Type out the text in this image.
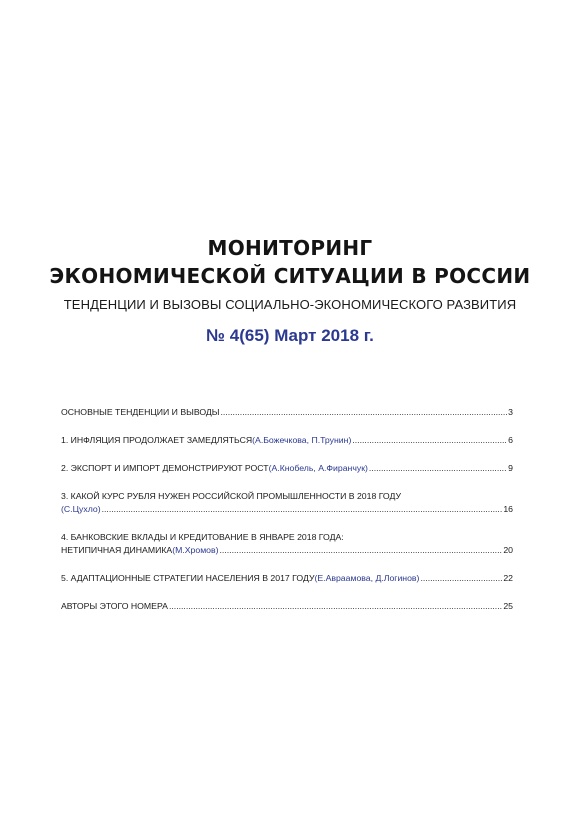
МОНИТОРИНГ
ЭКОНОМИЧЕСКОЙ СИТУАЦИИ В РОССИИ
ТЕНДЕНЦИИ И ВЫЗОВЫ СОЦИАЛЬНО-ЭКОНОМИЧЕСКОГО РАЗВИТИЯ
№ 4(65) Март 2018 г.
ОСНОВНЫЕ ТЕНДЕНЦИИ И ВЫВОДЫ .....	3
1. ИНФЛЯЦИЯ ПРОДОЛЖАЕТ ЗАМЕДЛЯТЬСЯ (А.Божечкова, П.Трунин) .....	6
2. ЭКСПОРТ И ИМПОРТ ДЕМОНСТРИРУЮТ РОСТ (А.Кнобель, А.Фиранчук) .....	9
3. КАКОЙ КУРС РУБЛЯ НУЖЕН РОССИЙСКОЙ ПРОМЫШЛЕННОСТИ В 2018 ГОДУ
(С.Цухло) .....	16
4. БАНКОВСКИЕ ВКЛАДЫ И КРЕДИТОВАНИЕ В ЯНВАРЕ 2018 ГОДА:
НЕТИПИЧНАЯ ДИНАМИКА (М.Хромов) .....	20
5. АДАПТАЦИОННЫЕ СТРАТЕГИИ НАСЕЛЕНИЯ В 2017 ГОДУ (Е.Авраамова, Д.Логинов) .....	22
АВТОРЫ ЭТОГО НОМЕРА .....	25
